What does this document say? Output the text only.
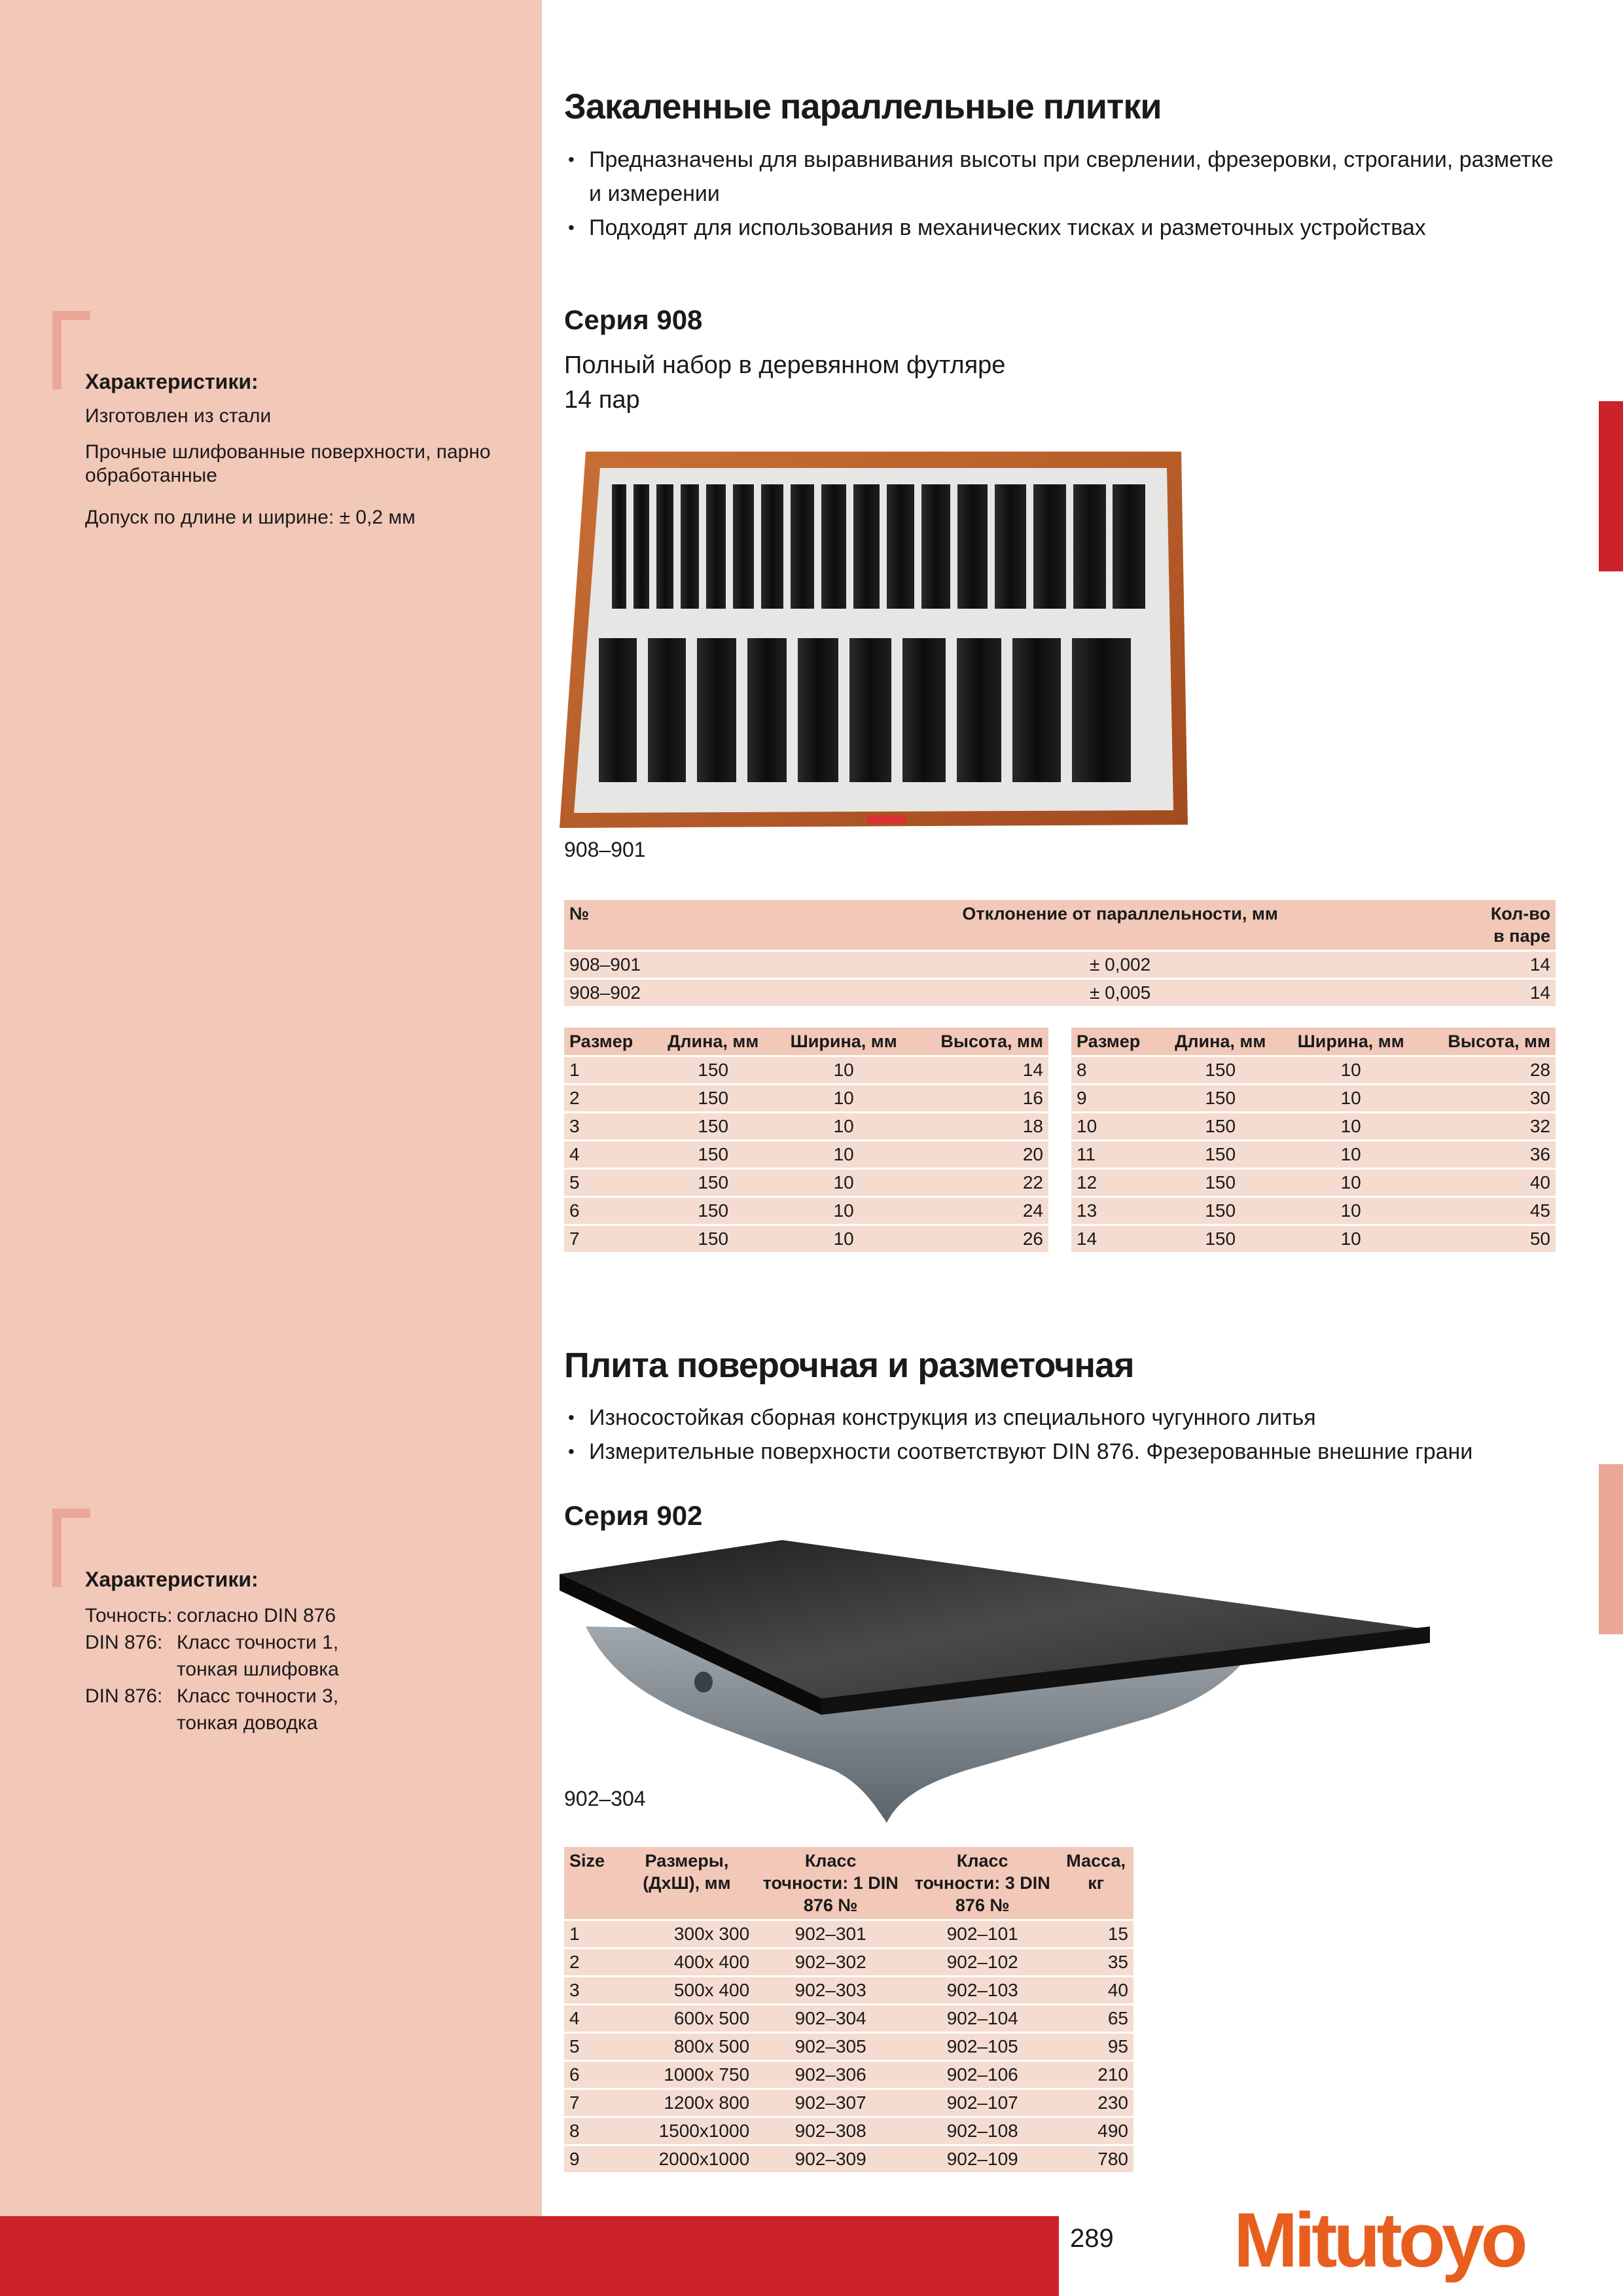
Характеристики:
Изготовлен из стали
Прочные шлифованные поверхности, парно обработанные
Допуск по длине и ширине: ± 0,2 мм
Закаленные параллельные плитки
• Предназначены для выравнивания высоты при сверлении, фрезеровки, строгании, разметке и измерении
• Подходят для использования в механических тисках и разметочных устройствах
Серия 908
Полный набор в деревянном футляре
14 пар
908–901
№	Отклонение от параллельности, мм	Кол-во в паре
908–901	± 0,002	14
908–902	± 0,005	14
Размер	Длина, мм	Ширина, мм	Высота, мм
1	150	10	14
2	150	10	16
3	150	10	18
4	150	10	20
5	150	10	22
6	150	10	24
7	150	10	26
Размер	Длина, мм	Ширина, мм	Высота, мм
8	150	10	28
9	150	10	30
10	150	10	32
11	150	10	36
12	150	10	40
13	150	10	45
14	150	10	50
Характеристики:
Точность: согласно DIN 876
DIN 876: Класс точности 1,
тонкая шлифовка
DIN 876: Класс точности 3,
тонкая доводка
Плита поверочная и разметочная
• Износостойкая сборная конструкция из специального чугунного литья
• Измерительные поверхности соответствуют DIN 876. Фрезерованные внешние грани
Серия 902
902–304
Size	Размеры, (ДхШ), мм	Класс точности: 1 DIN 876 №	Класс точности: 3 DIN 876 №	Масса, кг
1	300x 300	902–301	902–101	15
2	400x 400	902–302	902–102	35
3	500x 400	902–303	902–103	40
4	600x 500	902–304	902–104	65
5	800x 500	902–305	902–105	95
6	1000x 750	902–306	902–106	210
7	1200x 800	902–307	902–107	230
8	1500x1000	902–308	902–108	490
9	2000x1000	902–309	902–109	780
289 Mitutoyo
